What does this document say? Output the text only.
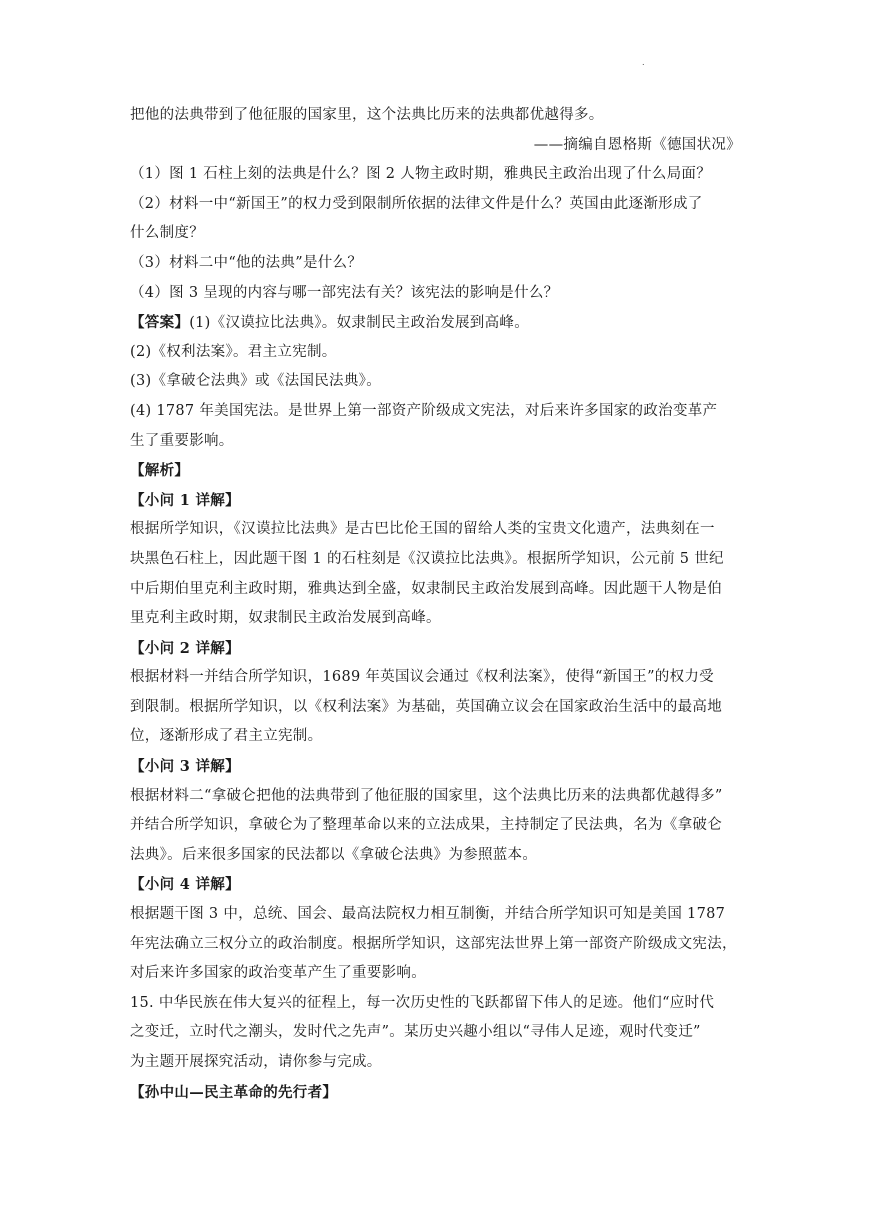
.
把他的法典带到了他征服的国家里，这个法典比历来的法典都优越得多。
——摘编自恩格斯《德国状况》
（1）图 1 石柱上刻的法典是什么？图 2 人物主政时期，雅典民主政治出现了什么局面？
（2）材料一中“新国王”的权力受到限制所依据的法律文件是什么？英国由此逐渐形成了
什么制度？
（3）材料二中“他的法典”是什么？
（4）图 3 呈现的内容与哪一部宪法有关？该宪法的影响是什么？
【答案】(1)《汉谟拉比法典》。奴隶制民主政治发展到高峰。
(2)《权利法案》。君主立宪制。
(3)《拿破仑法典》或《法国民法典》。
(4) 1787 年美国宪法。是世界上第一部资产阶级成文宪法，对后来许多国家的政治变革产
生了重要影响。
【解析】
【小问 1 详解】
根据所学知识，《汉谟拉比法典》是古巴比伦王国的留给人类的宝贵文化遗产，法典刻在一
块黑色石柱上，因此题干图 1 的石柱刻是《汉谟拉比法典》。根据所学知识，公元前 5 世纪
中后期伯里克利主政时期，雅典达到全盛，奴隶制民主政治发展到高峰。因此题干人物是伯
里克利主政时期，奴隶制民主政治发展到高峰。
【小问 2 详解】
根据材料一并结合所学知识，1689 年英国议会通过《权利法案》，使得“新国王”的权力受
到限制。根据所学知识，以《权利法案》为基础，英国确立议会在国家政治生活中的最高地
位，逐渐形成了君主立宪制。
【小问 3 详解】
根据材料二“拿破仑把他的法典带到了他征服的国家里，这个法典比历来的法典都优越得多”
并结合所学知识，拿破仑为了整理革命以来的立法成果，主持制定了民法典，名为《拿破仑
法典》。后来很多国家的民法都以《拿破仑法典》为参照蓝本。
【小问 4 详解】
根据题干图 3 中，总统、国会、最高法院权力相互制衡，并结合所学知识可知是美国 1787
年宪法确立三权分立的政治制度。根据所学知识，这部宪法世界上第一部资产阶级成文宪法，
对后来许多国家的政治变革产生了重要影响。
15. 中华民族在伟大复兴的征程上，每一次历史性的飞跃都留下伟人的足迹。他们“应时代
之变迁，立时代之潮头，发时代之先声”。某历史兴趣小组以“寻伟人足迹，观时代变迁”
为主题开展探究活动，请你参与完成。
【孙中山—民主革命的先行者】
